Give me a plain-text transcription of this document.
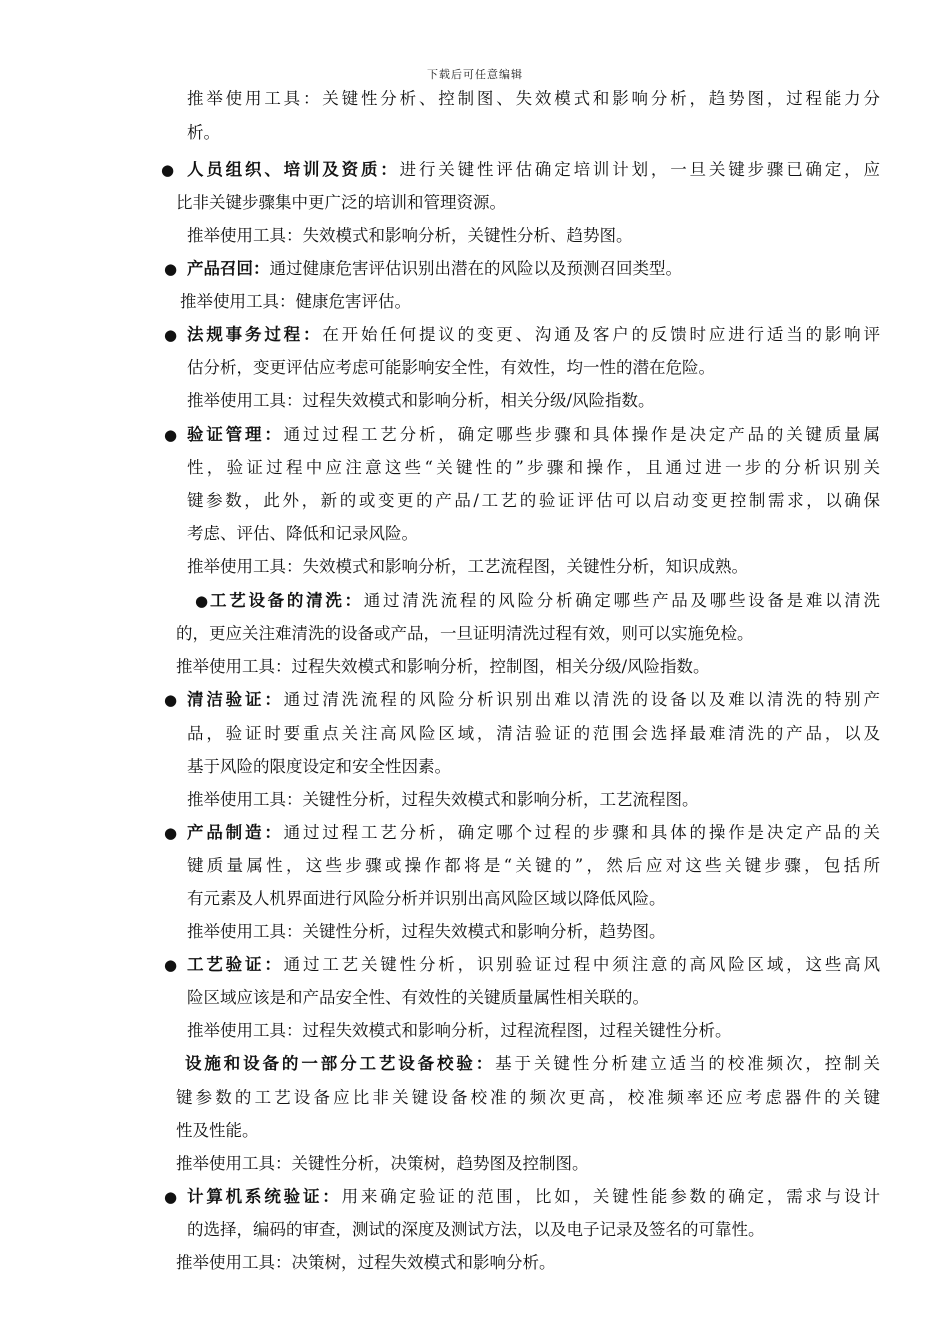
下载后可任意编辑
推举使用工具：关键性分析、控制图、失效模式和影响分析，趋势图，过程能力分
析。
● 人员组织、培训及资质：进行关键性评估确定培训计划，一旦关键步骤已确定，应
比非关键步骤集中更广泛的培训和管理资源。
推举使用工具：失效模式和影响分析，关键性分析、趋势图。
● 产品召回：通过健康危害评估识别出潜在的风险以及预测召回类型。
推举使用工具：健康危害评估。
● 法规事务过程：在开始任何提议的变更、沟通及客户的反馈时应进行适当的影响评
估分析，变更评估应考虑可能影响安全性，有效性，均一性的潜在危险。
推举使用工具：过程失效模式和影响分析，相关分级/风险指数。
● 验证管理：通过过程工艺分析，确定哪些步骤和具体操作是决定产品的关键质量属
性，验证过程中应注意这些“关键性的”步骤和操作，且通过进一步的分析识别关
键参数，此外，新的或变更的产品/工艺的验证评估可以启动变更控制需求，以确保
考虑、评估、降低和记录风险。
推举使用工具：失效模式和影响分析，工艺流程图，关键性分析，知识成熟。
● 工艺设备的清洗：通过清洗流程的风险分析确定哪些产品及哪些设备是难以清洗
的，更应关注难清洗的设备或产品，一旦证明清洗过程有效，则可以实施免检。
推举使用工具：过程失效模式和影响分析，控制图，相关分级/风险指数。
● 清洁验证：通过清洗流程的风险分析识别出难以清洗的设备以及难以清洗的特别产
品，验证时要重点关注高风险区域，清洁验证的范围会选择最难清洗的产品，以及
基于风险的限度设定和安全性因素。
推举使用工具：关键性分析，过程失效模式和影响分析，工艺流程图。
● 产品制造：通过过程工艺分析，确定哪个过程的步骤和具体的操作是决定产品的关
键质量属性，这些步骤或操作都将是“关键的”，然后应对这些关键步骤，包括所
有元素及人机界面进行风险分析并识别出高风险区域以降低风险。
推举使用工具：关键性分析，过程失效模式和影响分析，趋势图。
● 工艺验证：通过工艺关键性分析，识别验证过程中须注意的高风险区域，这些高风
险区域应该是和产品安全性、有效性的关键质量属性相关联的。
推举使用工具：过程失效模式和影响分析，过程流程图，过程关键性分析。
设施和设备的一部分工艺设备校验：基于关键性分析建立适当的校准频次，控制关
键参数的工艺设备应比非关键设备校准的频次更高，校准频率还应考虑器件的关键
性及性能。
推举使用工具：关键性分析，决策树，趋势图及控制图。
● 计算机系统验证：用来确定验证的范围，比如，关键性能参数的确定，需求与设计
的选择，编码的审查，测试的深度及测试方法，以及电子记录及签名的可靠性。
推举使用工具：决策树，过程失效模式和影响分析。
